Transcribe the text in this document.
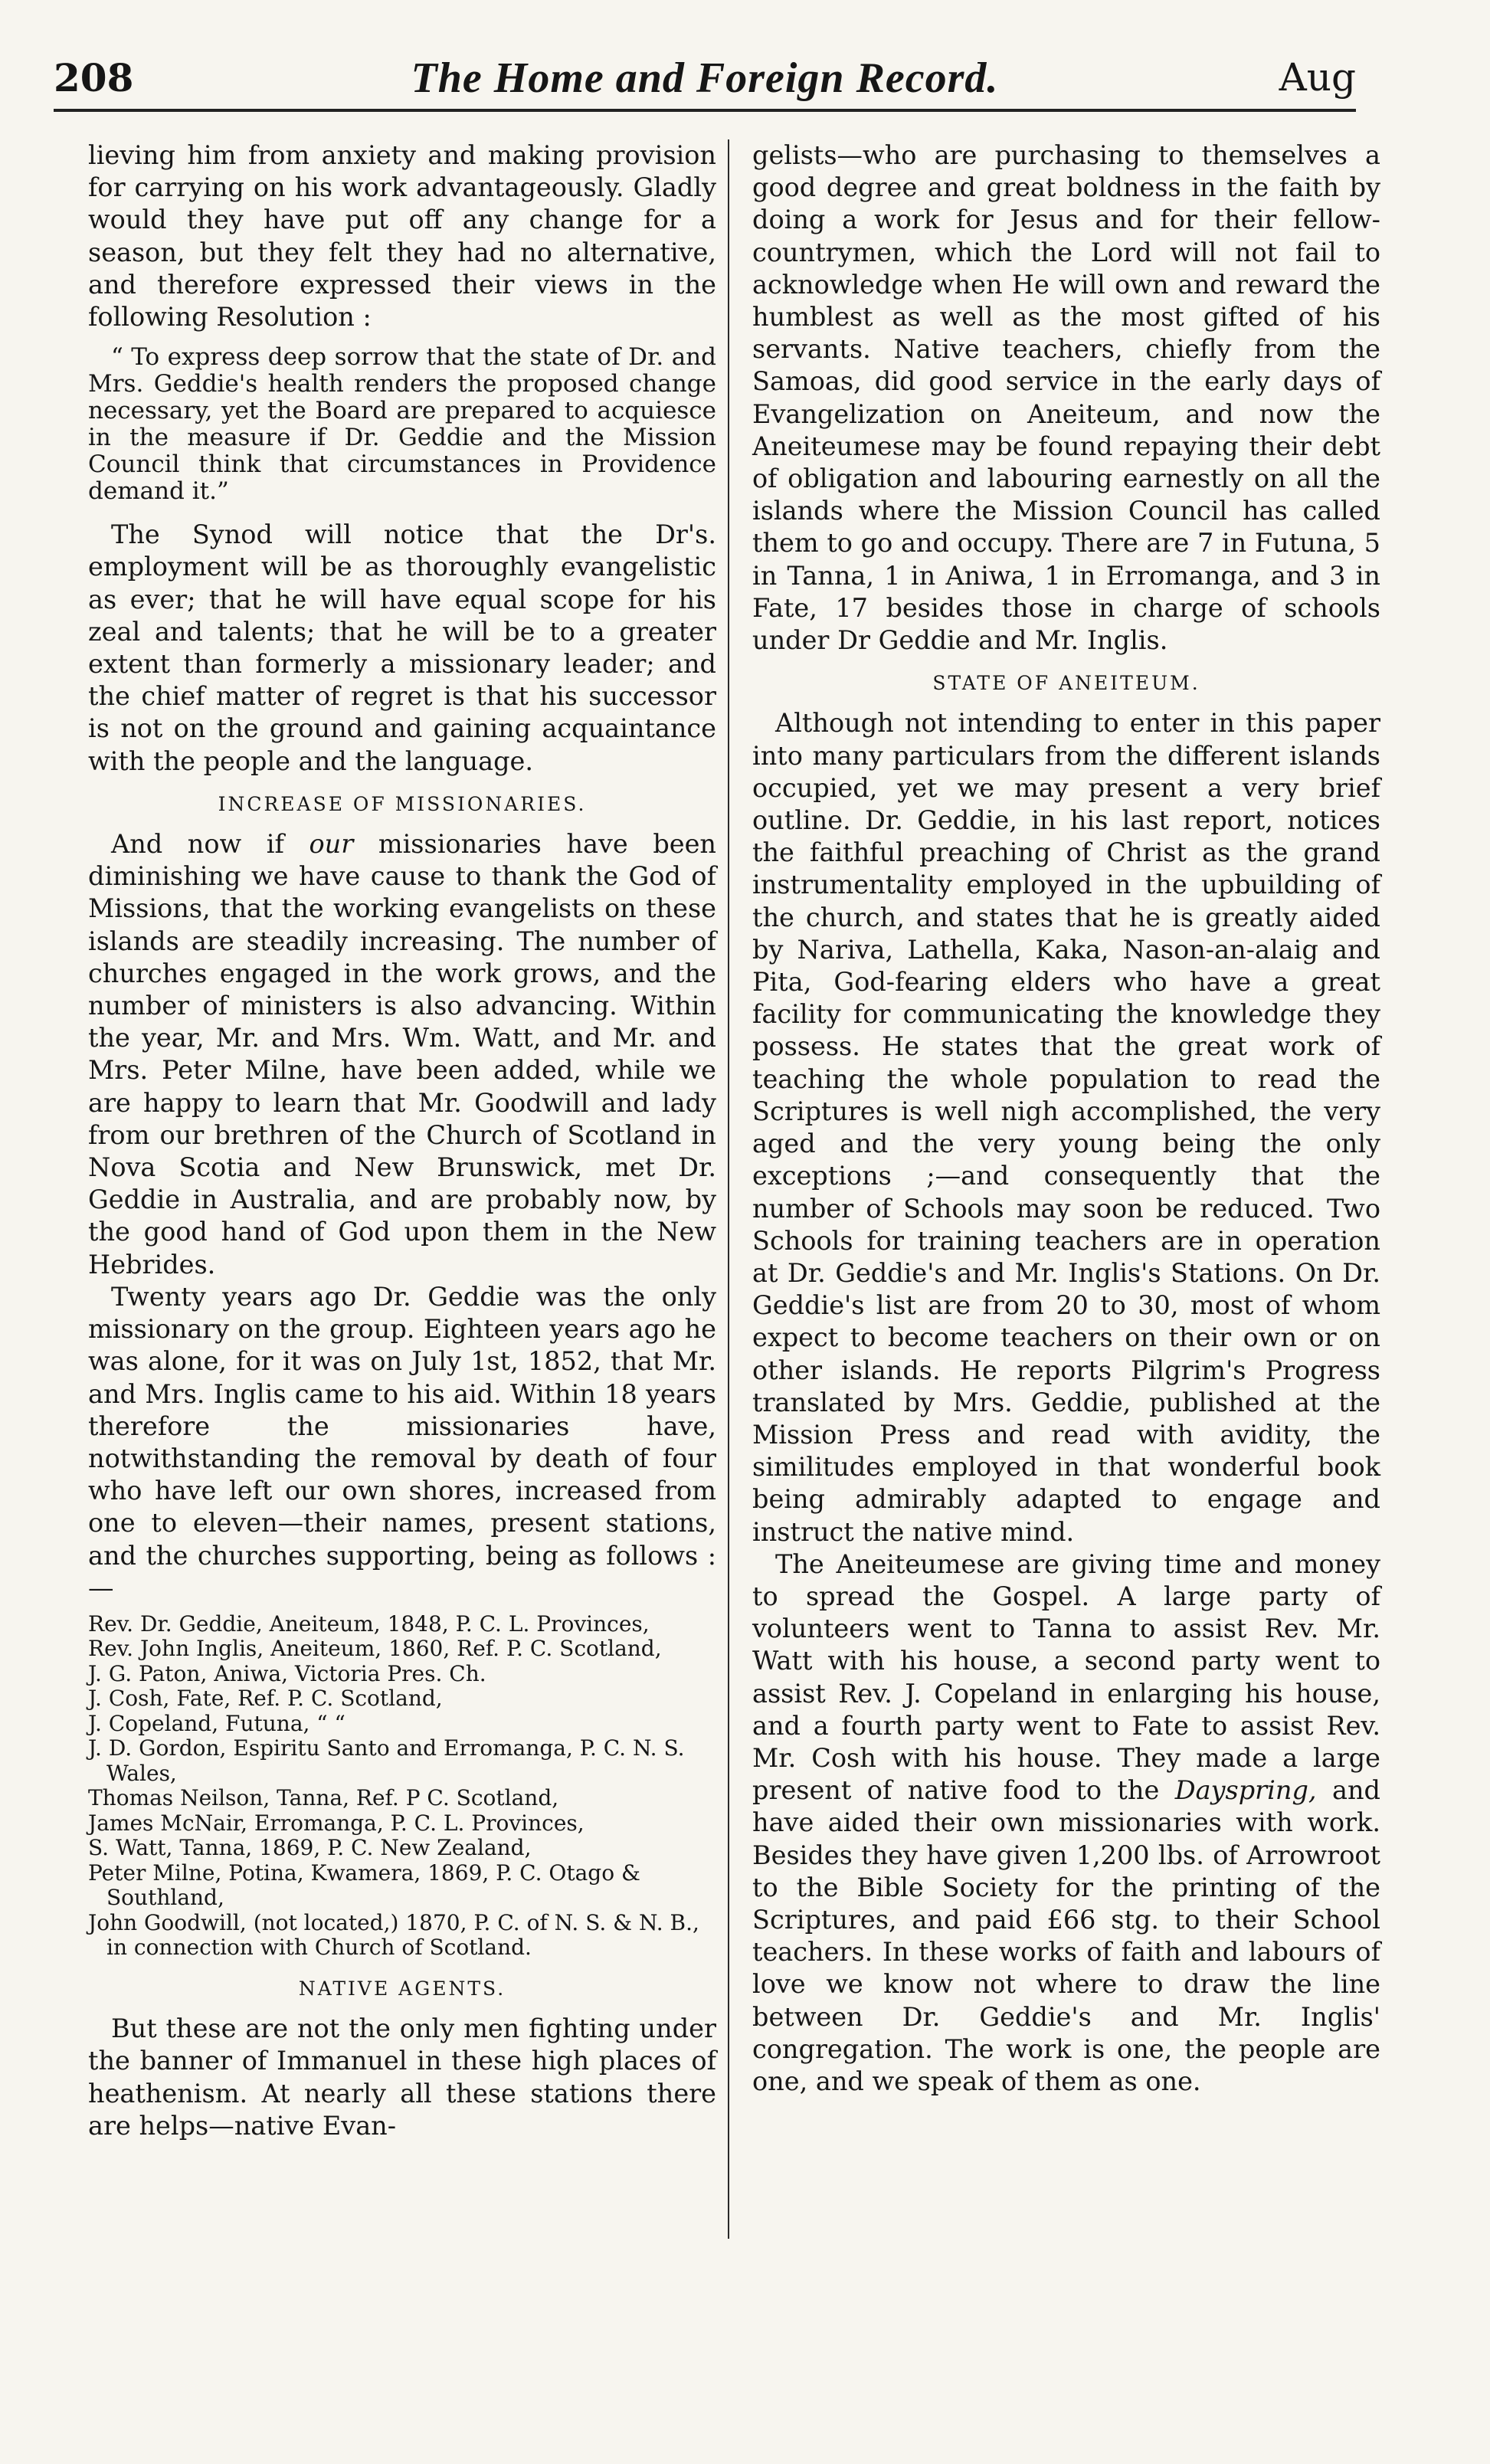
208	The Home and Foreign Record.	Aug

lieving him from anxiety and making provision for carrying on his work advantageously. Gladly would they have put off any change for a season, but they felt they had no alternative, and therefore expressed their views in the following Resolution :

“ To express deep sorrow that the state of Dr. and Mrs. Geddie's health renders the proposed change necessary, yet the Board are prepared to acquiesce in the measure if Dr. Geddie and the Mission Council think that circumstances in Providence demand it.”

The Synod will notice that the Dr's. employment will be as thoroughly evangelistic as ever; that he will have equal scope for his zeal and talents; that he will be to a greater extent than formerly a missionary leader; and the chief matter of regret is that his successor is not on the ground and gaining acquaintance with the people and the language.

INCREASE OF MISSIONARIES.

And now if our missionaries have been diminishing we have cause to thank the God of Missions, that the working evangelists on these islands are steadily increasing. The number of churches engaged in the work grows, and the number of ministers is also advancing. Within the year, Mr. and Mrs. Wm. Watt, and Mr. and Mrs. Peter Milne, have been added, while we are happy to learn that Mr. Goodwill and lady from our brethren of the Church of Scotland in Nova Scotia and New Brunswick, met Dr. Geddie in Australia, and are probably now, by the good hand of God upon them in the New Hebrides.

Twenty years ago Dr. Geddie was the only missionary on the group. Eighteen years ago he was alone, for it was on July 1st, 1852, that Mr. and Mrs. Inglis came to his aid. Within 18 years therefore the missionaries have, notwithstanding the removal by death of four who have left our own shores, increased from one to eleven—their names, present stations, and the churches supporting, being as follows :—

Rev. Dr. Geddie, Aneiteum, 1848, P. C. L. Provinces,
Rev. John Inglis, Aneiteum, 1860, Ref. P. C. Scotland,
J. G. Paton, Aniwa, Victoria Pres. Ch.
J. Cosh, Fate, Ref. P. C. Scotland,
J. Copeland, Futuna, “ “
J. D. Gordon, Espiritu Santo and Erromanga, P. C. N. S. Wales,
Thomas Neilson, Tanna, Ref. P C. Scotland,
James McNair, Erromanga, P. C. L. Provinces,
S. Watt, Tanna, 1869, P. C. New Zealand,
Peter Milne, Potina, Kwamera, 1869, P. C. Otago & Southland,
John Goodwill, (not located,) 1870, P. C. of N. S. & N. B., in connection with Church of Scotland.
NATIVE AGENTS.

But these are not the only men fighting under the banner of Immanuel in these high places of heathenism. At nearly all these stations there are helps—native Evan-

gelists—who are purchasing to themselves a good degree and great boldness in the faith by doing a work for Jesus and for their fellow-countrymen, which the Lord will not fail to acknowledge when He will own and reward the humblest as well as the most gifted of his servants. Native teachers, chiefly from the Samoas, did good service in the early days of Evangelization on Aneiteum, and now the Aneiteumese may be found repaying their debt of obligation and labouring earnestly on all the islands where the Mission Council has called them to go and occupy. There are 7 in Futuna, 5 in Tanna, 1 in Aniwa, 1 in Erromanga, and 3 in Fate, 17 besides those in charge of schools under Dr Geddie and Mr. Inglis.

STATE OF ANEITEUM.

Although not intending to enter in this paper into many particulars from the different islands occupied, yet we may present a very brief outline. Dr. Geddie, in his last report, notices the faithful preaching of Christ as the grand instrumentality employed in the upbuilding of the church, and states that he is greatly aided by Nariva, Lathella, Kaka, Nason-an-alaig and Pita, God-fearing elders who have a great facility for communicating the knowledge they possess. He states that the great work of teaching the whole population to read the Scriptures is well nigh accomplished, the very aged and the very young being the only exceptions ;—and consequently that the number of Schools may soon be reduced. Two Schools for training teachers are in operation at Dr. Geddie's and Mr. Inglis's Stations. On Dr. Geddie's list are from 20 to 30, most of whom expect to become teachers on their own or on other islands. He reports Pilgrim's Progress translated by Mrs. Geddie, published at the Mission Press and read with avidity, the similitudes employed in that wonderful book being admirably adapted to engage and instruct the native mind.

The Aneiteumese are giving time and money to spread the Gospel. A large party of volunteers went to Tanna to assist Rev. Mr. Watt with his house, a second party went to assist Rev. J. Copeland in enlarging his house, and a fourth party went to Fate to assist Rev. Mr. Cosh with his house. They made a large present of native food to the Dayspring, and have aided their own missionaries with work. Besides they have given 1,200 lbs. of Arrowroot to the Bible Society for the printing of the Scriptures, and paid £66 stg. to their School teachers. In these works of faith and labours of love we know not where to draw the line between Dr. Geddie's and Mr. Inglis' congregation. The work is one, the people are one, and we speak of them as one.
